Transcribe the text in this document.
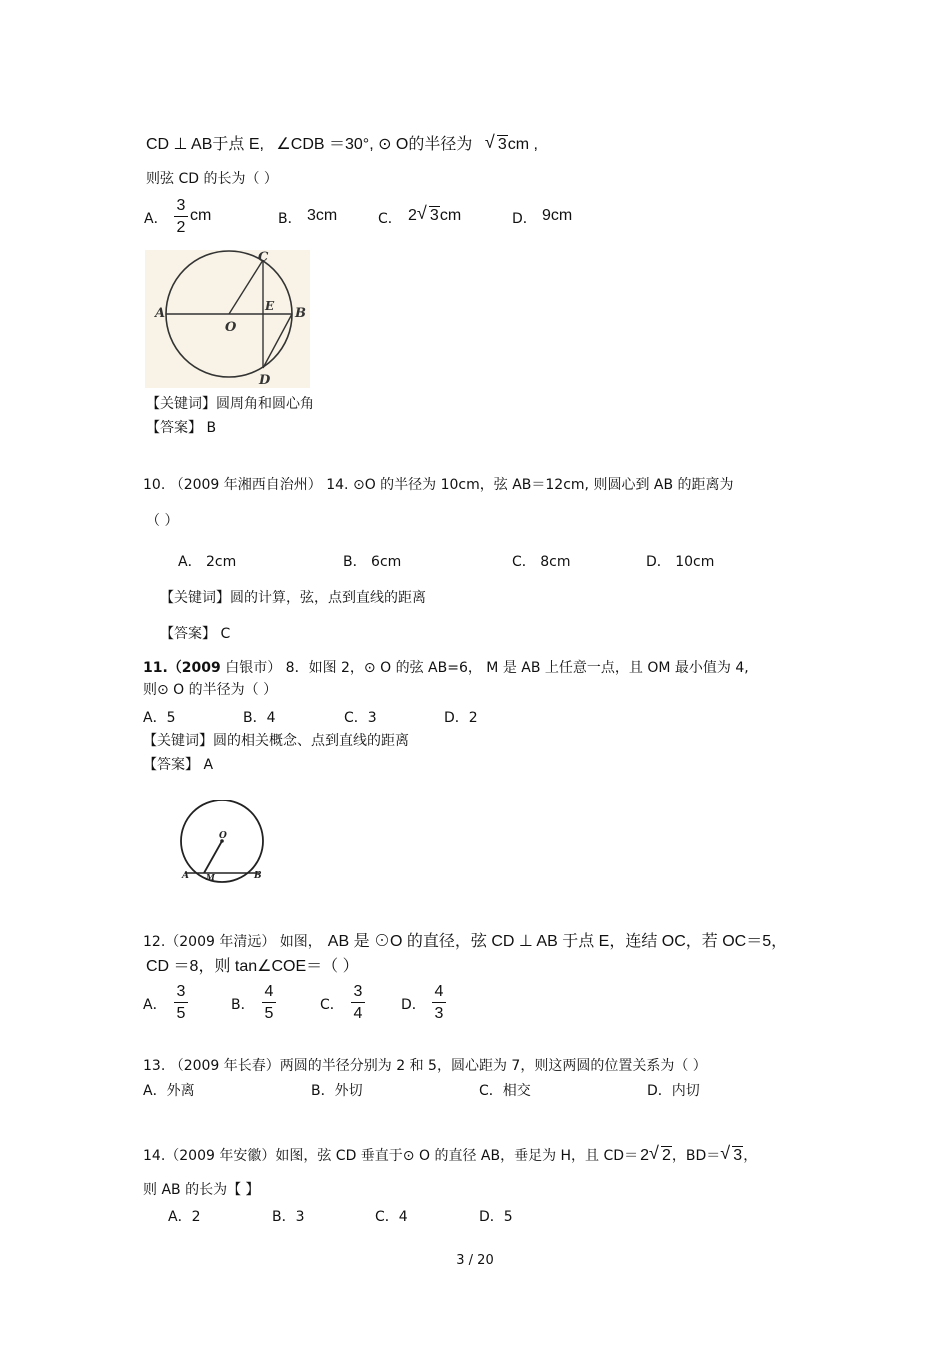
CD ⊥ AB于点 E, ∠CDB ＝30°, ⊙ O的半径为 √ 3cm ,
则弦 CD 的长为（ ）
A．
3
2
cm	B． 3cm	C． 2 √ 3cm	D． 9cm
A	B
C
D
E
O
【关键词】圆周角和圆心角
【答案】 B
10. （2009 年湘西自治州） 14. ⊙O 的半径为 10cm，弦 AB＝12cm, 则圆心到 AB 的距离为
（ ）
A． 2cm	B． 6cm	C． 8cm	D． 10cm
【关键词】圆的计算，弦，点到直线的距离
【答案】 C
11.（2009 白银市） 8．如图 2，⊙ O 的弦 AB=6， M 是 AB 上任意一点，且 OM 最小值为 4,
则⊙ O 的半径为（ ）
A．5	B．4	C．3	D．2
【关键词】圆的相关概念、点到直线的距离
【答案】 A
O
A M	B
12.（2009 年清远） 如图， AB 是 ⊙O 的直径，弦 CD ⊥ AB 于点 E，连结 OC，若 OC＝5，
CD ＝8，则 tan∠COE＝（ ）
A．
3
5	B．
4
5	C．
3
4	D．
4
3
13. （2009 年长春）两圆的半径分别为 2 和 5，圆心距为 7，则这两圆的位置关系为（ ）
A．外离	B．外切	C．相交	D．内切
14.（2009 年安徽）如图，弦 CD 垂直于⊙ O 的直径 AB，垂足为 H，且 CD＝ 2 √ 2，BD＝ √ 3，
则 AB 的长为【 】
A．2	B．3	C．4	D．5
3 / 20
